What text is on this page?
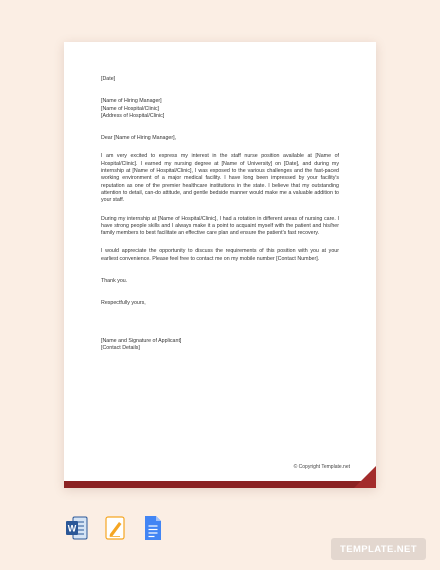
[Date]

[Name of Hiring Manager]

[Name of Hospital/Clinic]

[Address of Hospital/Clinic]

Dear [Name of Hiring Manager],

I am very excited to express my interest in the staff nurse position available at [Name of Hospital/Clinic]. I earned my nursing degree at [Name of University] on [Date], and during my internship at [Name of Hospital/Clinic], I was exposed to the various challenges and the fast-paced working environment of a major medical facility. I have long been impressed by your facility's reputation as one of the premier healthcare institutions in the state. I believe that my outstanding attention to detail, can-do attitude, and gentle bedside manner would make me a valuable addition to your staff.

During my internship at [Name of Hospital/Clinic], I had a rotation in different areas of nursing care. I have strong people skills and I always make it a point to acquaint myself with the patient and his/her family members to best facilitate an effective care plan and ensure the patient's fast recovery.

I would appreciate the opportunity to discuss the requirements of this position with you at your earliest convenience. Please feel free to contact me on my mobile number [Contact Number].

Thank you.

Respectfully yours,

[Name and Signature of Applicant]

[Contact Details]

© Copyright Template.net
W
TEMPLATE.NET
